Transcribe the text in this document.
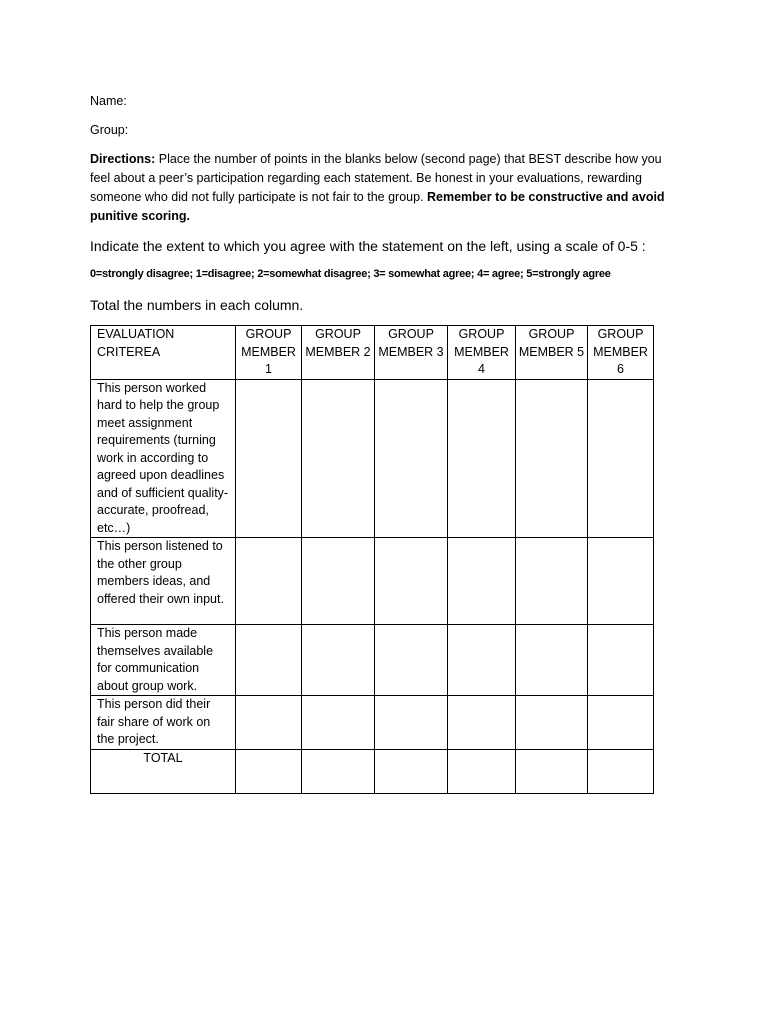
Name:

Group:

Directions: Place the number of points in the blanks below (second page) that BEST describe how you feel about a peer’s participation regarding each statement. Be honest in your evaluations, rewarding someone who did not fully participate is not fair to the group. Remember to be constructive and avoid punitive scoring.

Indicate the extent to which you agree with the statement on the left, using a scale of 0-5 :

0=strongly disagree; 1=disagree; 2=somewhat disagree; 3= somewhat agree; 4= agree; 5=strongly agree

Total the numbers in each column.

EVALUATION CRITEREA	GROUP MEMBER 1	GROUP MEMBER 2	GROUP MEMBER 3	GROUP MEMBER 4	GROUP MEMBER 5	GROUP MEMBER 6
This person worked hard to help the group meet assignment requirements (turning work in according to agreed upon deadlines and of sufficient quality-accurate, proofread, etc…)						
This person listened to the other group members ideas, and offered their own input.						
This person made themselves available for communication about group work.						
This person did their fair share of work on the project.						
TOTAL						
